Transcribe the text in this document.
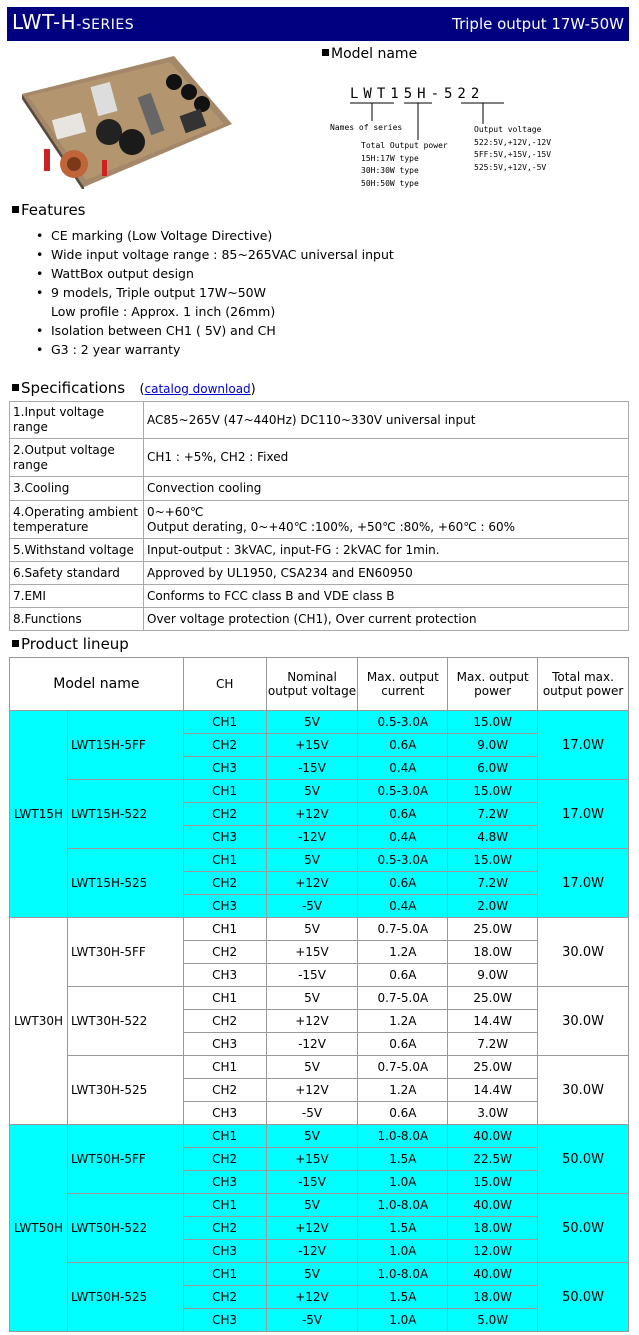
LWT-H-SERIES	Triple output 17W-50W
Model name
LWT15H-522
Names of series
Total Output power
15H:17W type
30H:30W type
50H:50W type
Output voltage
522:5V,+12V,-12V
5FF:5V,+15V,-15V
525:5V,+12V,-5V
Features
• CE marking (Low Voltage Directive)
• Wide input voltage range : 85~265VAC universal input
• WattBox output design
• 9 models, Triple output 17W~50W
Low profile : Approx. 1 inch (26mm)
• Isolation between CH1 ( 5V) and CH
• G3 : 2 year warranty
Specifications (catalog download)
1.Input voltage range	AC85~265V (47~440Hz) DC110~330V universal input
2.Output voltage range	CH1 : +5%, CH2 : Fixed
3.Cooling	Convection cooling
4.Operating ambient temperature	0~+60℃
Output derating, 0~+40℃ :100%, +50℃ :80%, +60℃ : 60%

5.Withstand voltage	Input-output : 3kVAC, input-FG : 2kVAC for 1min.
6.Safety standard	Approved by UL1950, CSA234 and EN60950
7.EMI	Conforms to FCC class B and VDE class B
8.Functions	Over voltage protection (CH1), Over current protection
Product lineup
Model name		CH	Nominal output voltage	Max. output current	Max. output power	Total max. output power
LWT15H	LWT15H-5FF	CH1	5V	0.5-3.0A	15.0W	17.0W
		CH2	+15V	0.6A	9.0W	
		CH3	-15V	0.4A	6.0W	
	LWT15H-522	CH1	5V	0.5-3.0A	15.0W	17.0W
		CH2	+12V	0.6A	7.2W	
		CH3	-12V	0.4A	4.8W	
	LWT15H-525	CH1	5V	0.5-3.0A	15.0W	17.0W
		CH2	+12V	0.6A	7.2W	
		CH3	-5V	0.4A	2.0W	
LWT30H	LWT30H-5FF	CH1	5V	0.7-5.0A	25.0W	30.0W
		CH2	+15V	1.2A	18.0W	
		CH3	-15V	0.6A	9.0W	
	LWT30H-522	CH1	5V	0.7-5.0A	25.0W	30.0W
		CH2	+12V	1.2A	14.4W	
		CH3	-12V	0.6A	7.2W	
	LWT30H-525	CH1	5V	0.7-5.0A	25.0W	30.0W
		CH2	+12V	1.2A	14.4W	
		CH3	-5V	0.6A	3.0W	
LWT50H	LWT50H-5FF	CH1	5V	1.0-8.0A	40.0W	50.0W
		CH2	+15V	1.5A	22.5W	
		CH3	-15V	1.0A	15.0W	
	LWT50H-522	CH1	5V	1.0-8.0A	40.0W	50.0W
		CH2	+12V	1.5A	18.0W	
		CH3	-12V	1.0A	12.0W	
	LWT50H-525	CH1	5V	1.0-8.0A	40.0W	50.0W
		CH2	+12V	1.5A	18.0W	
		CH3	-5V	1.0A	5.0W	
